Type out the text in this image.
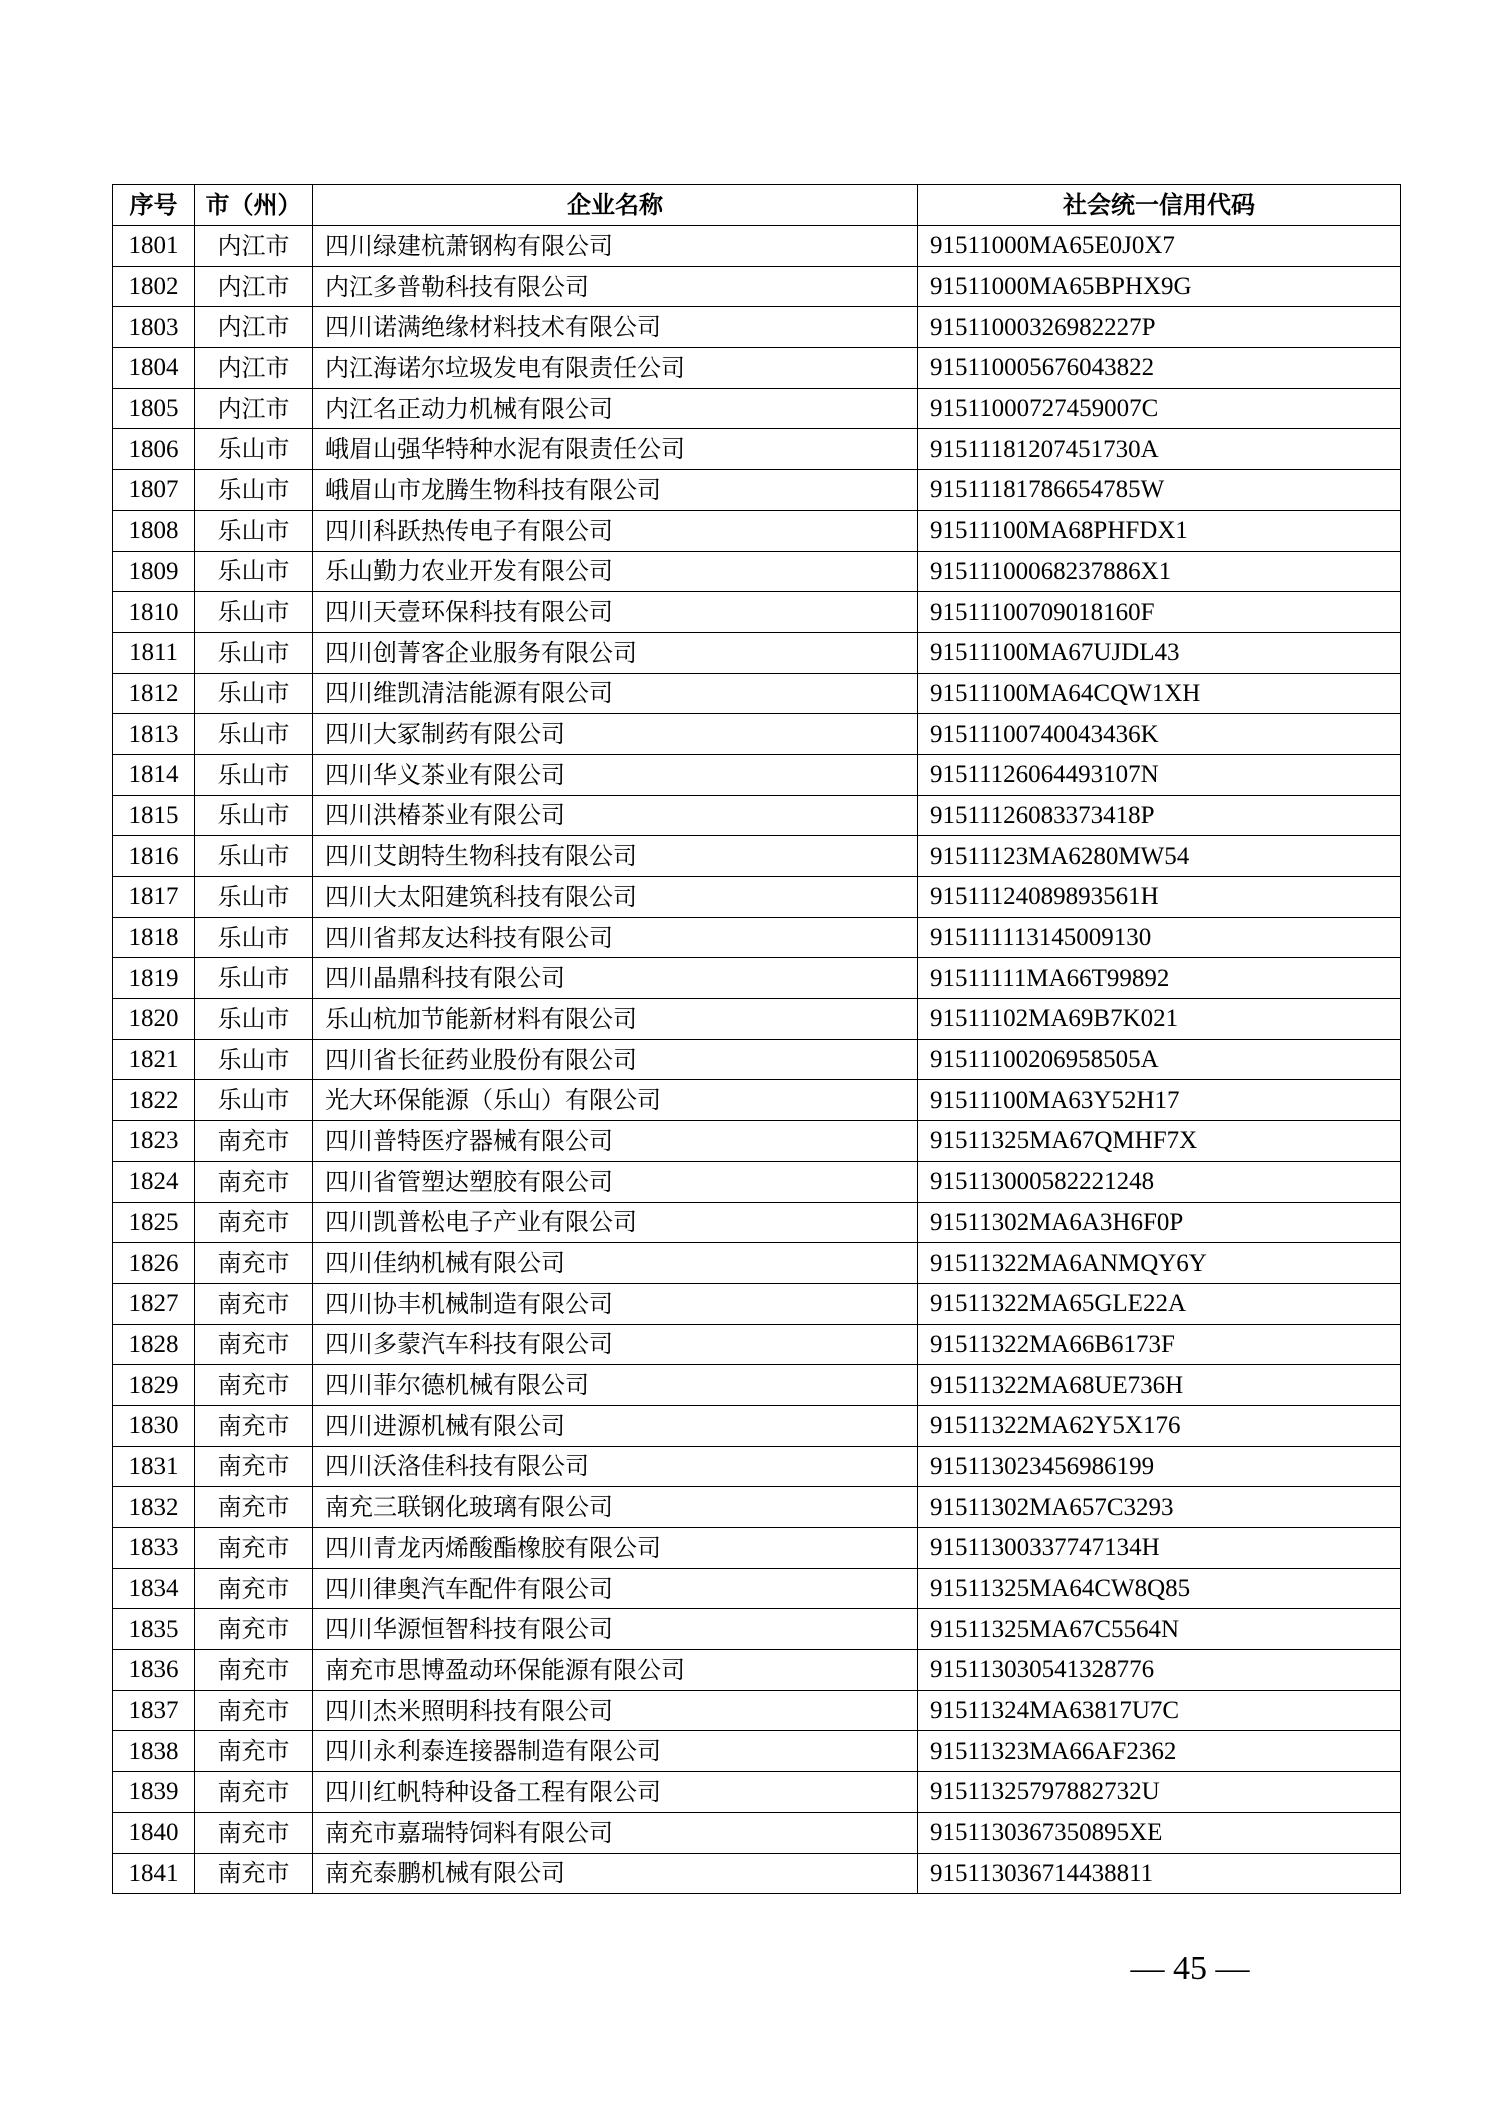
序号	市（州）	企业名称	社会统一信用代码
1801	内江市	四川绿建杭萧钢构有限公司	91511000MA65E0J0X7
1802	内江市	内江多普勒科技有限公司	91511000MA65BPHX9G
1803	内江市	四川诺满绝缘材料技术有限公司	91511000326982227P
1804	内江市	内江海诺尔垃圾发电有限责任公司	915110005676043822
1805	内江市	内江名正动力机械有限公司	91511000727459007C
1806	乐山市	峨眉山强华特种水泥有限责任公司	91511181207451730A
1807	乐山市	峨眉山市龙腾生物科技有限公司	91511181786654785W
1808	乐山市	四川科跃热传电子有限公司	91511100MA68PHFDX1
1809	乐山市	乐山勤力农业开发有限公司	91511100068237886X1
1810	乐山市	四川天壹环保科技有限公司	91511100709018160F
1811	乐山市	四川创菁客企业服务有限公司	91511100MA67UJDL43
1812	乐山市	四川维凯清洁能源有限公司	91511100MA64CQW1XH
1813	乐山市	四川大冢制药有限公司	91511100740043436K
1814	乐山市	四川华义茶业有限公司	91511126064493107N
1815	乐山市	四川洪椿茶业有限公司	91511126083373418P
1816	乐山市	四川艾朗特生物科技有限公司	91511123MA6280MW54
1817	乐山市	四川大太阳建筑科技有限公司	91511124089893561H
1818	乐山市	四川省邦友达科技有限公司	915111113145009130
1819	乐山市	四川晶鼎科技有限公司	91511111MA66T99892
1820	乐山市	乐山杭加节能新材料有限公司	91511102MA69B7K021
1821	乐山市	四川省长征药业股份有限公司	91511100206958505A
1822	乐山市	光大环保能源（乐山）有限公司	91511100MA63Y52H17
1823	南充市	四川普特医疗器械有限公司	91511325MA67QMHF7X
1824	南充市	四川省管塑达塑胶有限公司	915113000582221248
1825	南充市	四川凯普松电子产业有限公司	91511302MA6A3H6F0P
1826	南充市	四川佳纳机械有限公司	91511322MA6ANMQY6Y
1827	南充市	四川协丰机械制造有限公司	91511322MA65GLE22A
1828	南充市	四川多蒙汽车科技有限公司	91511322MA66B6173F
1829	南充市	四川菲尔德机械有限公司	91511322MA68UE736H
1830	南充市	四川进源机械有限公司	91511322MA62Y5X176
1831	南充市	四川沃洛佳科技有限公司	915113023456986199
1832	南充市	南充三联钢化玻璃有限公司	91511302MA657C3293
1833	南充市	四川青龙丙烯酸酯橡胶有限公司	91511300337747134H
1834	南充市	四川律奥汽车配件有限公司	91511325MA64CW8Q85
1835	南充市	四川华源恒智科技有限公司	91511325MA67C5564N
1836	南充市	南充市思博盈动环保能源有限公司	915113030541328776
1837	南充市	四川杰米照明科技有限公司	91511324MA63817U7C
1838	南充市	四川永利泰连接器制造有限公司	91511323MA66AF2362
1839	南充市	四川红帆特种设备工程有限公司	91511325797882732U
1840	南充市	南充市嘉瑞特饲料有限公司	9151130367350895XE
1841	南充市	南充泰鹏机械有限公司	915113036714438811
— 45 —
